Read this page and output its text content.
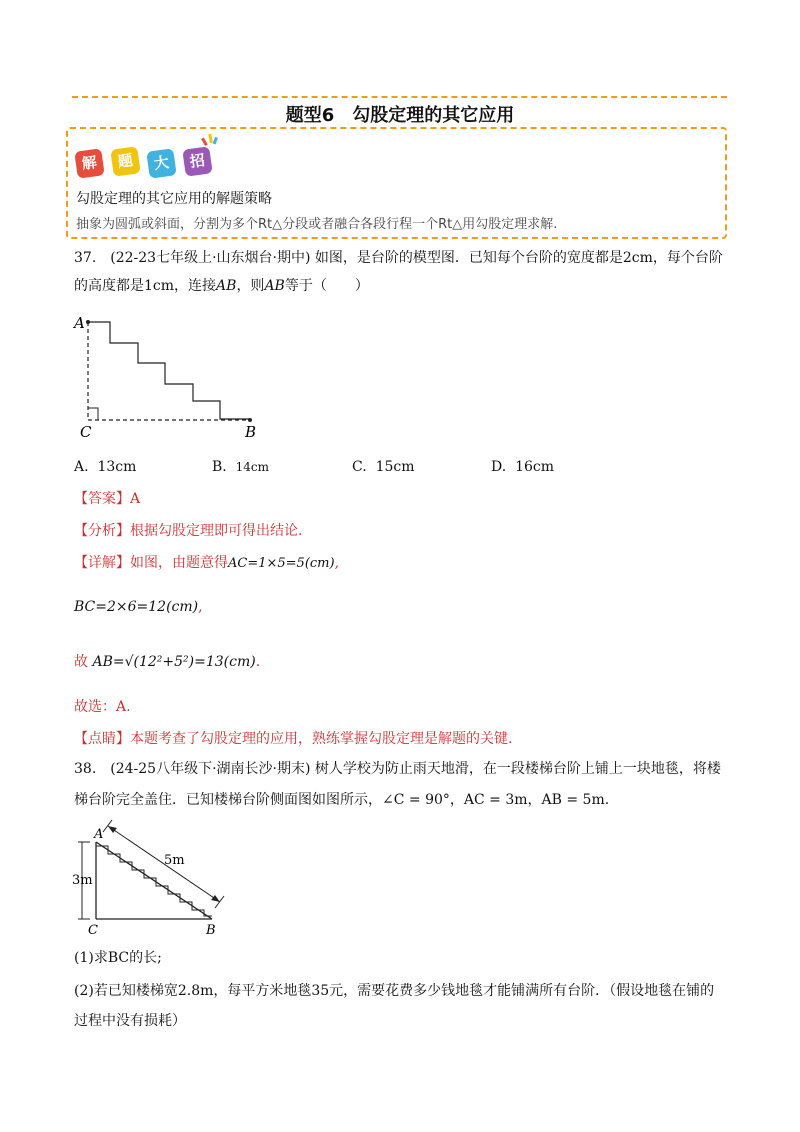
题型6　勾股定理的其它应用
解	题	大	招
勾股定理的其它应用的解题策略
抽象为圆弧或斜面，分割为多个Rt△分段或者融合各段行程一个Rt△用勾股定理求解.
37.　(22-23七年级上·山东烟台·期中) 如图，是台阶的模型图．已知每个台阶的宽度都是2cm，每个台阶
的高度都是1cm，连接AB，则AB等于（　　）
A
C	B
A. 13cm	B. 14cm	C. 15cm	D. 16cm
【答案】A
【分析】根据勾股定理即可得出结论.
【详解】如图，由题意得AC=1×5=5(cm),
BC=2×6=12(cm),
故 AB=√(12²+5²)=13(cm).
故选：A.
【点睛】本题考查了勾股定理的应用，熟练掌握勾股定理是解题的关键.
38.　(24-25八年级下·湖南长沙·期末) 树人学校为防止雨天地滑，在一段楼梯台阶上铺上一块地毯，将楼
梯台阶完全盖住．已知楼梯台阶侧面图如图所示，∠C = 90°，AC = 3m，AB = 5m.
5m
3m
A
C	B
(1)求BC的长;
(2)若已知楼梯宽2.8m，每平方米地毯35元，需要花费多少钱地毯才能铺满所有台阶．（假设地毯在铺的
过程中没有损耗）
